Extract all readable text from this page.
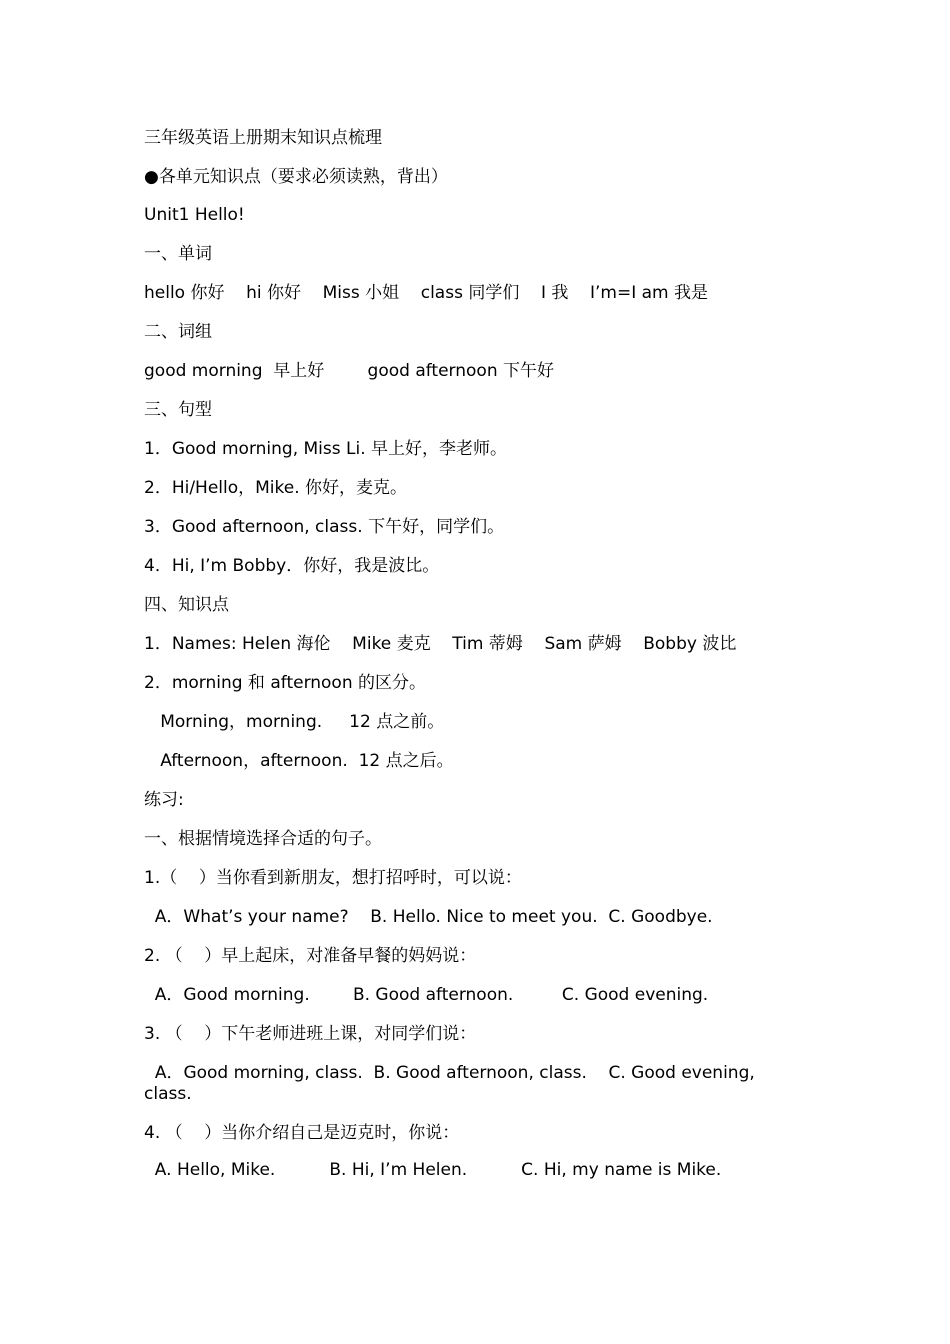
三年级英语上册期末知识点梳理
●各单元知识点（要求必须读熟，背出）
Unit1 Hello!
一、单词
hello 你好    hi 你好    Miss 小姐    class 同学们    I 我    I’m=I am 我是
二、词组
good morning  早上好        good afternoon 下午好
三、句型
1．Good morning, Miss Li. 早上好，李老师。
2．Hi/Hello，Mike. 你好，麦克。
3．Good afternoon, class. 下午好，同学们。
4．Hi, I’m Bobby．你好，我是波比。
四、知识点
1．Names: Helen 海伦    Mike 麦克    Tim 蒂姆    Sam 萨姆    Bobby 波比
2．morning 和 afternoon 的区分。
Morning，morning.     12 点之前。
Afternoon，afternoon.  12 点之后。
练习:
一、根据情境选择合适的句子。
1.（    ）当你看到新朋友，想打招呼时，可以说：
A．What’s your name?    B. Hello. Nice to meet you.  C. Goodbye.
2. （    ）早上起床，对准备早餐的妈妈说：
A．Good morning.        B. Good afternoon.         C. Good evening.
3. （    ）下午老师进班上课，对同学们说：
A．Good morning, class.  B. Good afternoon, class.    C. Good evening, class.
4. （    ）当你介绍自己是迈克时，你说：
A. Hello, Mike.          B. Hi, I’m Helen.          C. Hi, my name is Mike.
